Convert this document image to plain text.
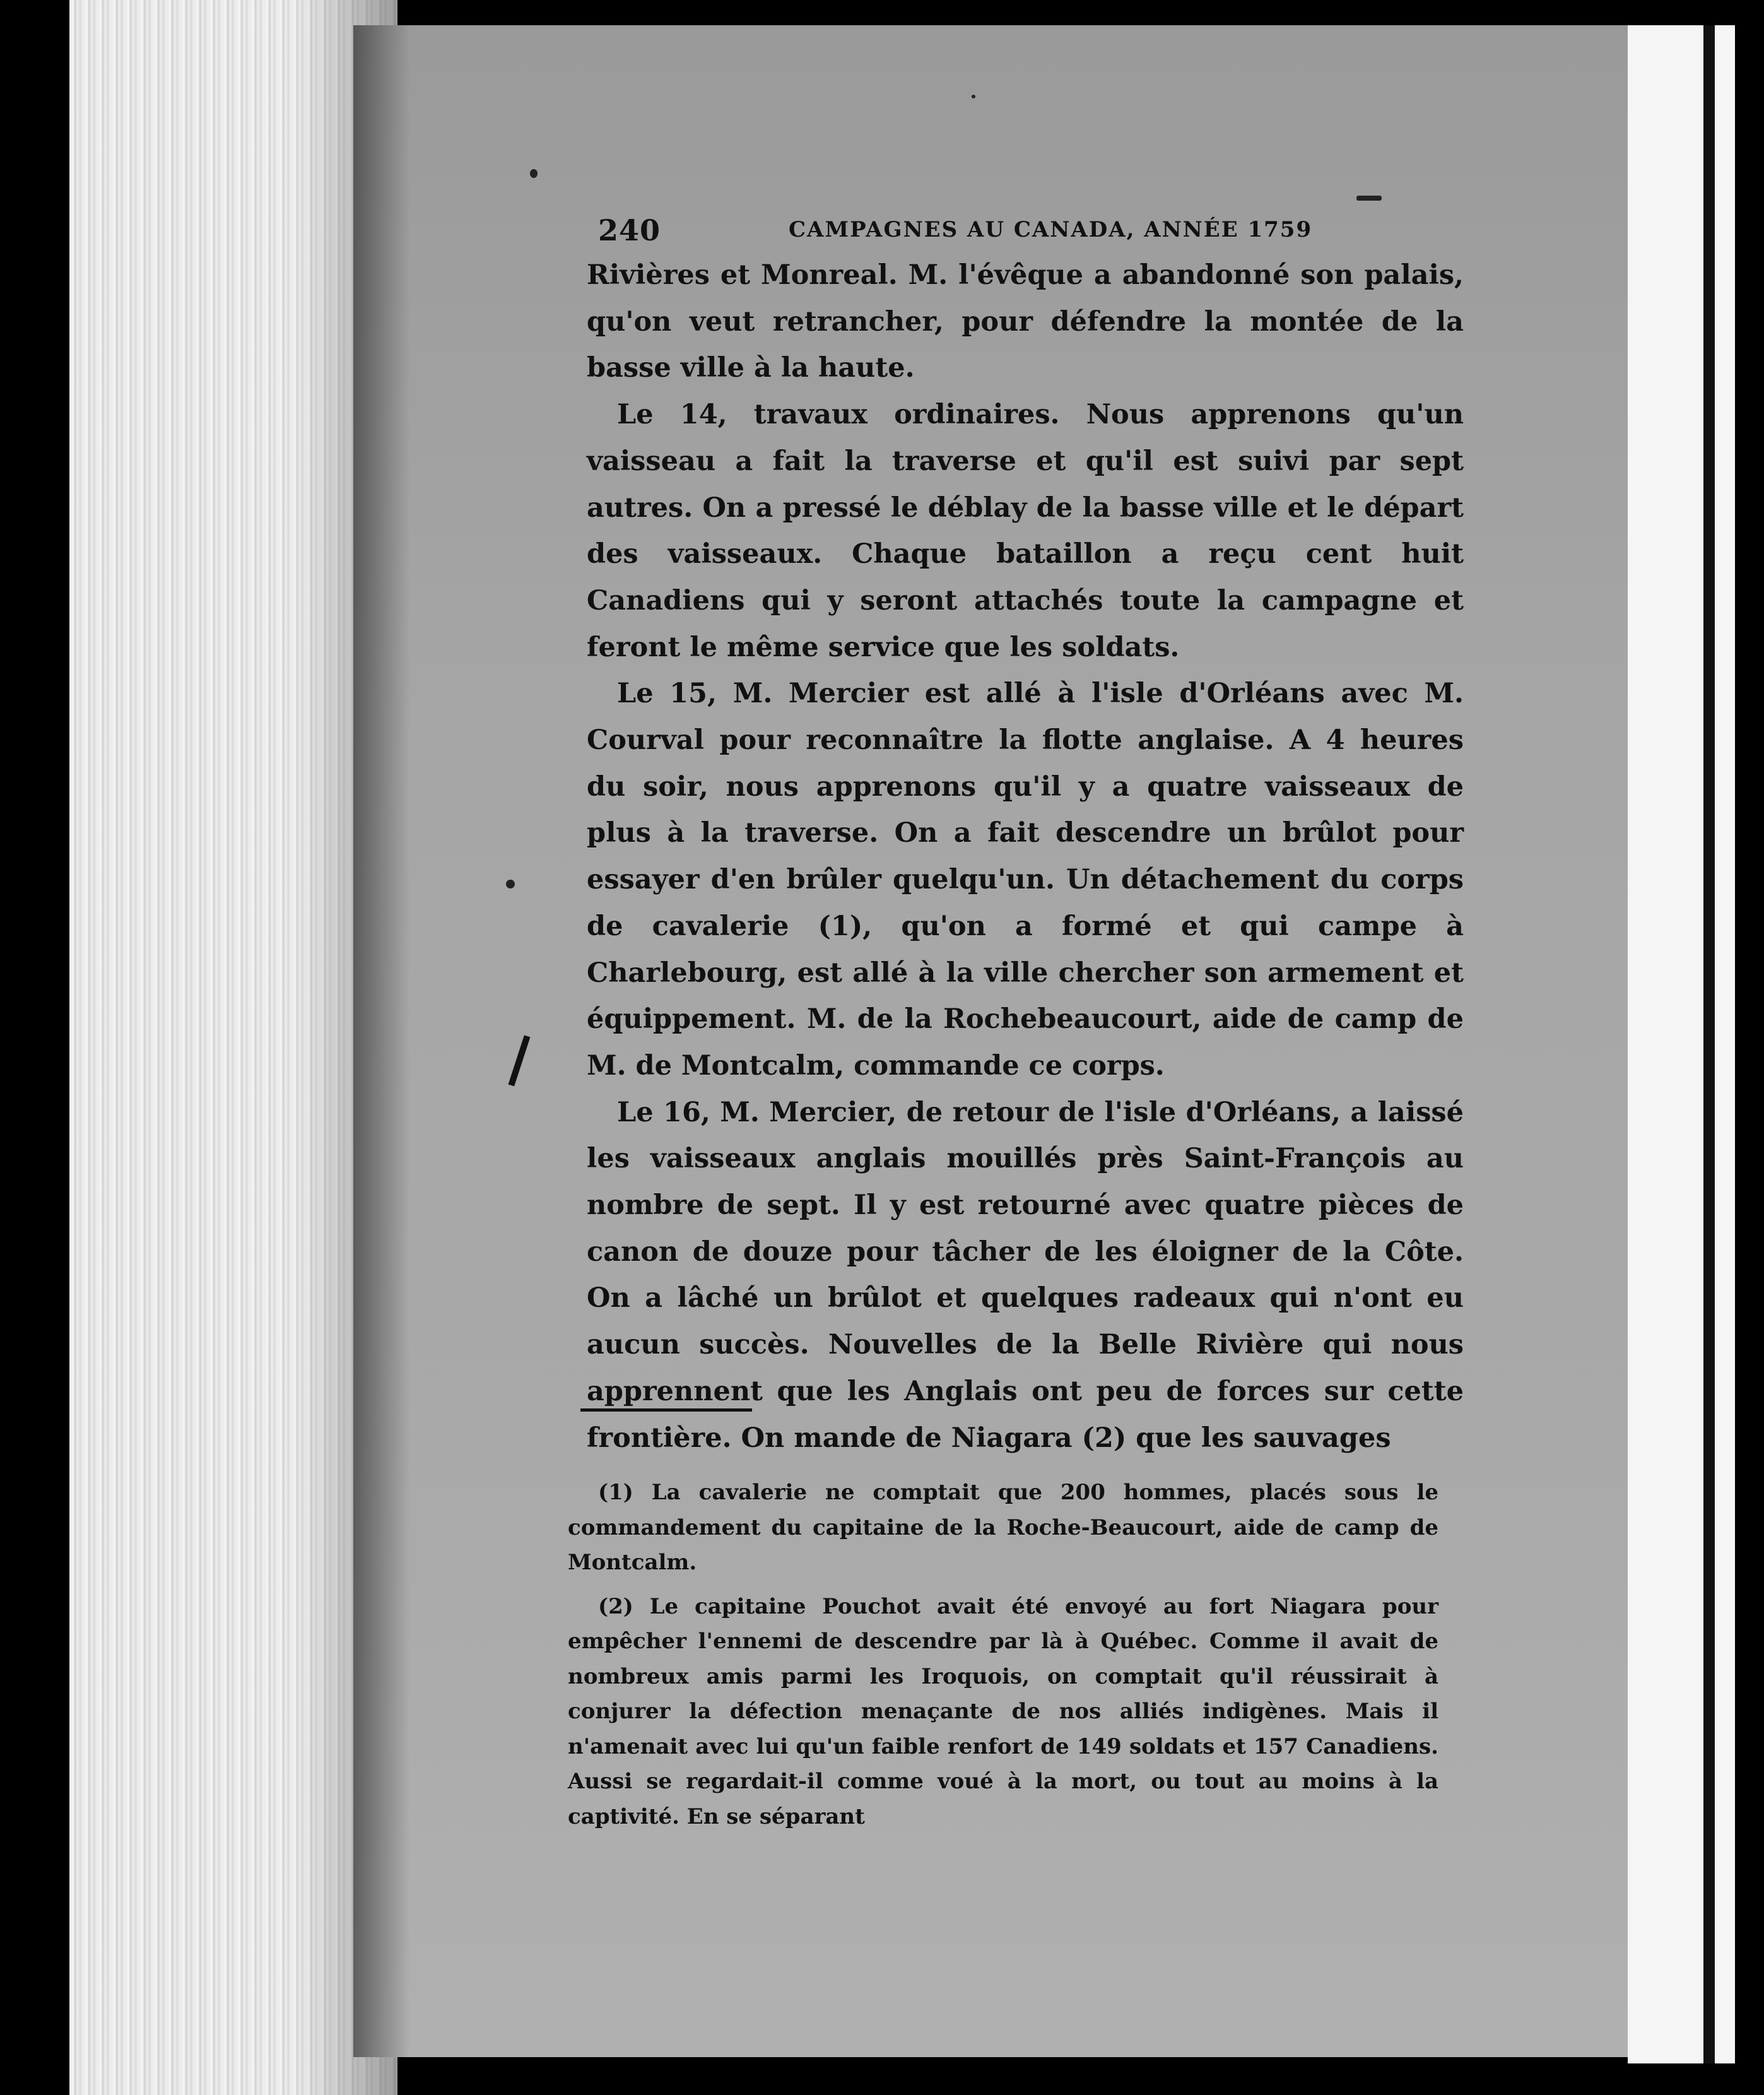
240	CAMPAGNES AU CANADA, ANNÉE 1759

Rivières et Monreal. M. l'évêque a abandonné son palais, qu'on veut retrancher, pour défendre la montée de la basse ville à la haute.

Le 14, travaux ordinaires. Nous apprenons qu'un vaisseau a fait la traverse et qu'il est suivi par sept autres. On a pressé le déblay de la basse ville et le départ des vaisseaux. Chaque bataillon a reçu cent huit Canadiens qui y seront attachés toute la campagne et feront le même service que les soldats.

Le 15, M. Mercier est allé à l'isle d'Orléans avec M. Courval pour reconnaître la flotte anglaise. A 4 heures du soir, nous apprenons qu'il y a quatre vaisseaux de plus à la traverse. On a fait descendre un brûlot pour essayer d'en brûler quelqu'un. Un détachement du corps de cavalerie (1), qu'on a formé et qui campe à Charlebourg, est allé à la ville chercher son armement et équippement. M. de la Rochebeaucourt, aide de camp de M. de Montcalm, commande ce corps.

Le 16, M. Mercier, de retour de l'isle d'Orléans, a laissé les vaisseaux anglais mouillés près Saint-François au nombre de sept. Il y est retourné avec quatre pièces de canon de douze pour tâcher de les éloigner de la Côte. On a lâché un brûlot et quelques radeaux qui n'ont eu aucun succès. Nouvelles de la Belle Rivière qui nous apprennent que les Anglais ont peu de forces sur cette frontière. On mande de Niagara (2) que les sauvages

(1) La cavalerie ne comptait que 200 hommes, placés sous le commandement du capitaine de la Roche-Beaucourt, aide de camp de Montcalm.

(2) Le capitaine Pouchot avait été envoyé au fort Niagara pour empêcher l'ennemi de descendre par là à Québec. Comme il avait de nombreux amis parmi les Iroquois, on comptait qu'il réussirait à conjurer la défection menaçante de nos alliés indigènes. Mais il n'amenait avec lui qu'un faible renfort de 149 soldats et 157 Canadiens. Aussi se regardait-il comme voué à la mort, ou tout au moins à la captivité. En se séparant
